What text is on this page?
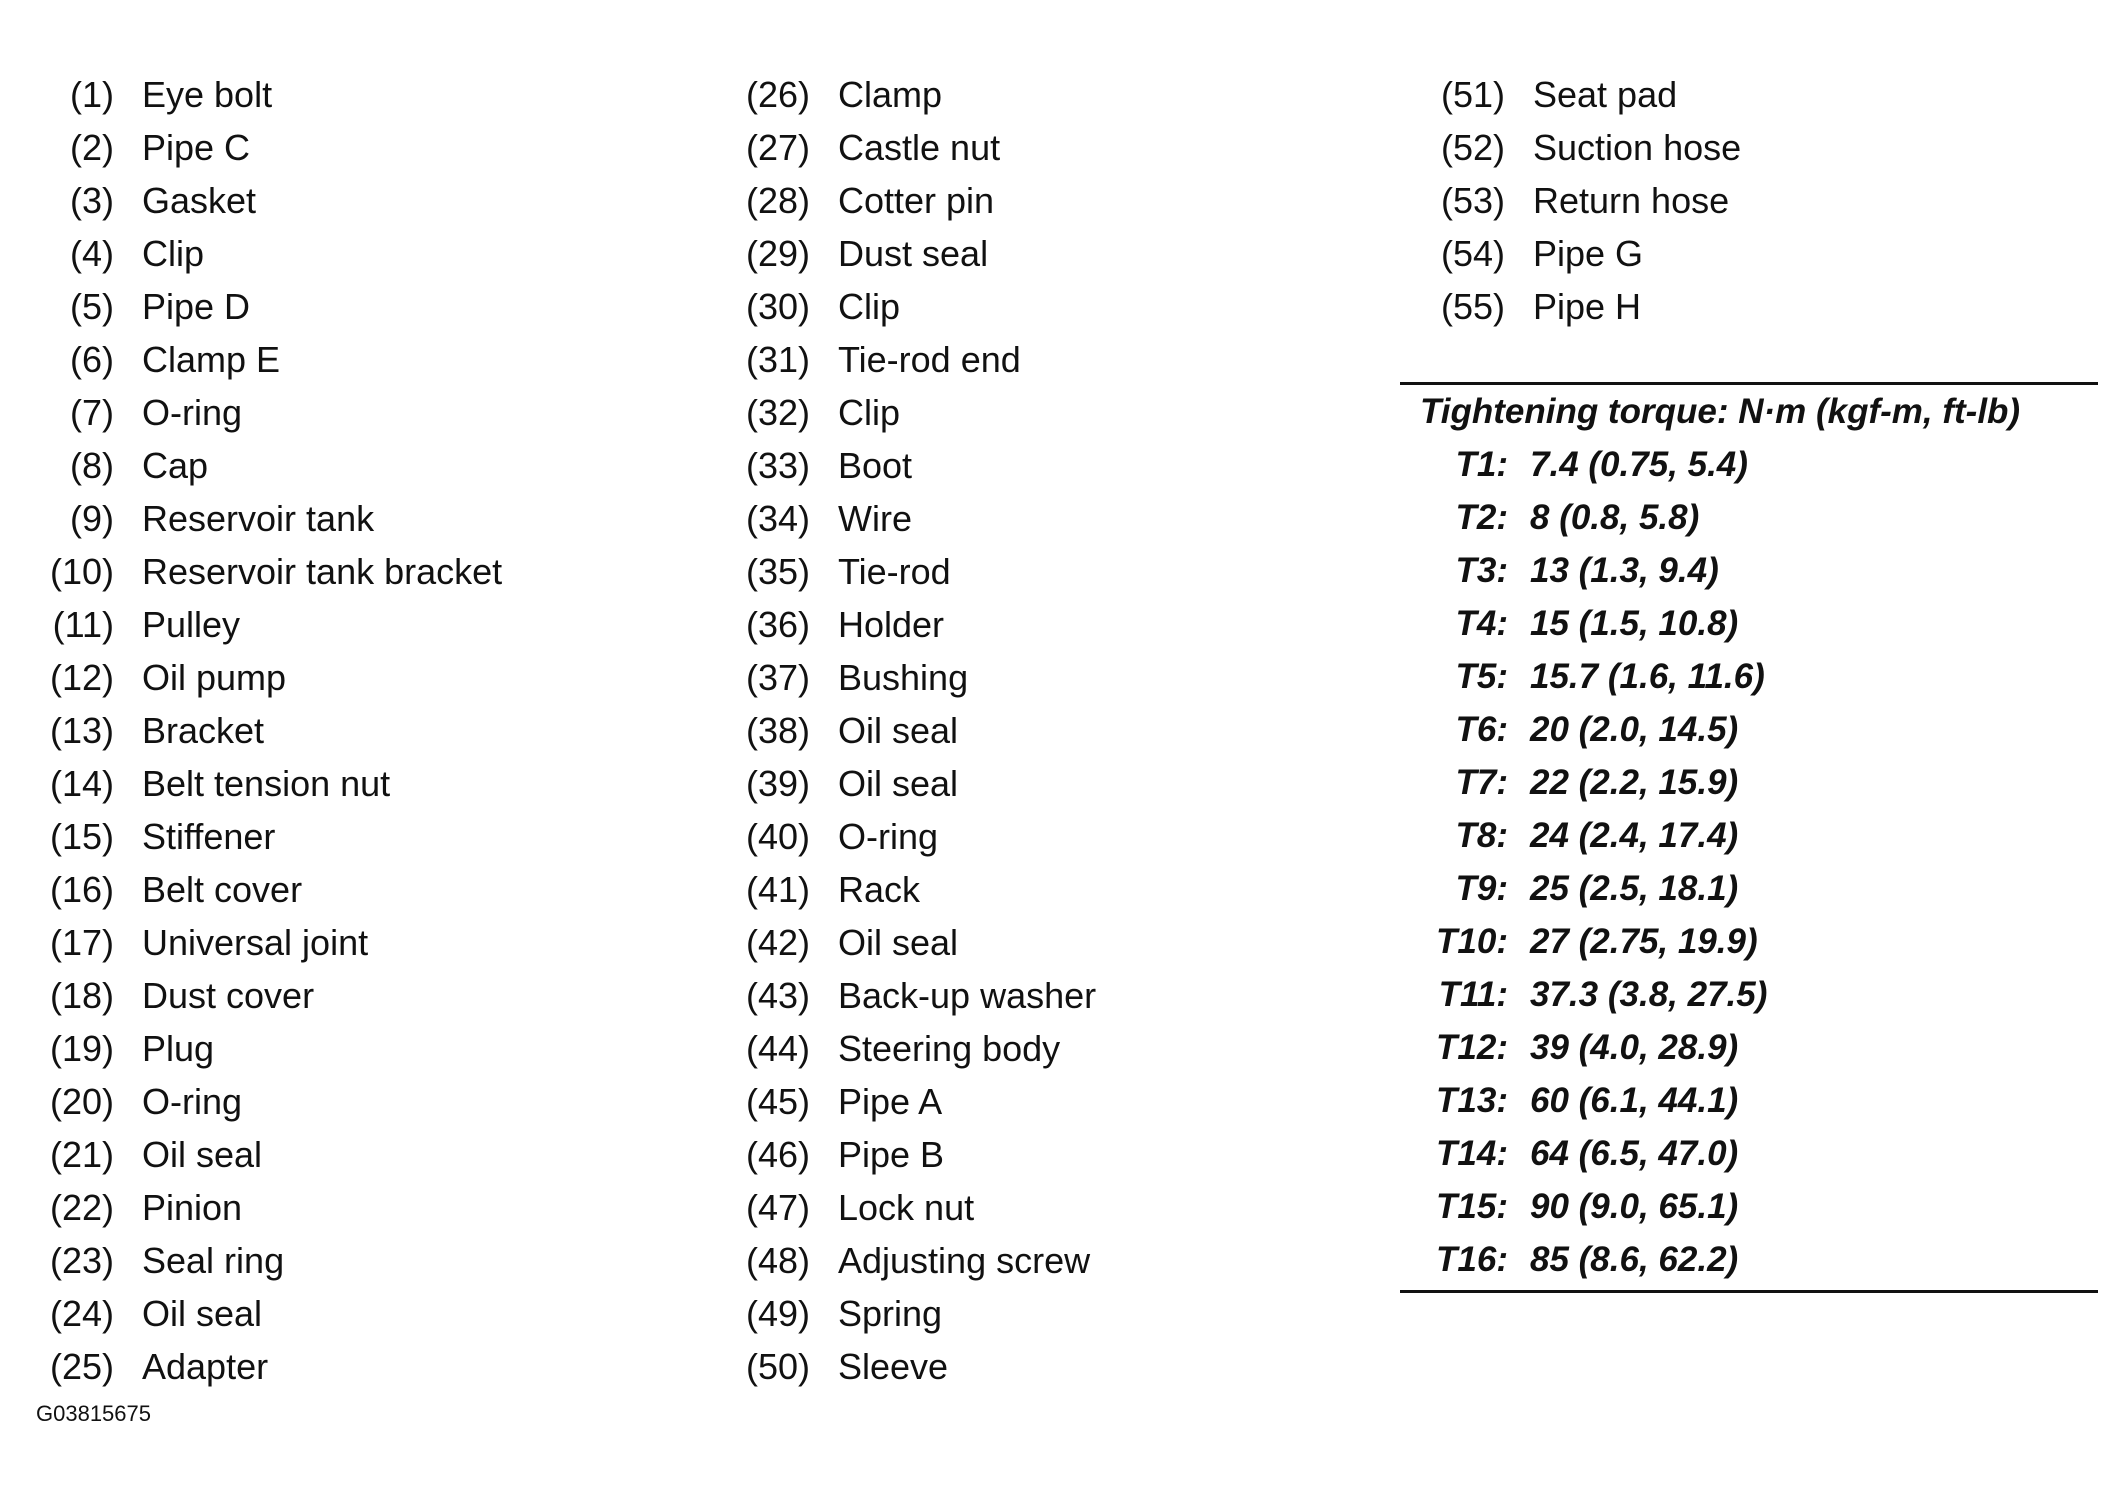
(1) Eye bolt
(2) Pipe C
(3) Gasket
(4) Clip
(5) Pipe D
(6) Clamp E
(7) O-ring
(8) Cap
(9) Reservoir tank
(10) Reservoir tank bracket
(11) Pulley
(12) Oil pump
(13) Bracket
(14) Belt tension nut
(15) Stiffener
(16) Belt cover
(17) Universal joint
(18) Dust cover
(19) Plug
(20) O-ring
(21) Oil seal
(22) Pinion
(23) Seal ring
(24) Oil seal
(25) Adapter
(26) Clamp
(27) Castle nut
(28) Cotter pin
(29) Dust seal
(30) Clip
(31) Tie-rod end
(32) Clip
(33) Boot
(34) Wire
(35) Tie-rod
(36) Holder
(37) Bushing
(38) Oil seal
(39) Oil seal
(40) O-ring
(41) Rack
(42) Oil seal
(43) Back-up washer
(44) Steering body
(45) Pipe A
(46) Pipe B
(47) Lock nut
(48) Adjusting screw
(49) Spring
(50) Sleeve
(51) Seat pad
(52) Suction hose
(53) Return hose
(54) Pipe G
(55) Pipe H
Tightening torque: N·m (kgf-m, ft-lb)
T1: 7.4 (0.75, 5.4)
T2: 8 (0.8, 5.8)
T3: 13 (1.3, 9.4)
T4: 15 (1.5, 10.8)
T5: 15.7 (1.6, 11.6)
T6: 20 (2.0, 14.5)
T7: 22 (2.2, 15.9)
T8: 24 (2.4, 17.4)
T9: 25 (2.5, 18.1)
T10: 27 (2.75, 19.9)
T11: 37.3 (3.8, 27.5)
T12: 39 (4.0, 28.9)
T13: 60 (6.1, 44.1)
T14: 64 (6.5, 47.0)
T15: 90 (9.0, 65.1)
T16: 85 (8.6, 62.2)
G03815675
